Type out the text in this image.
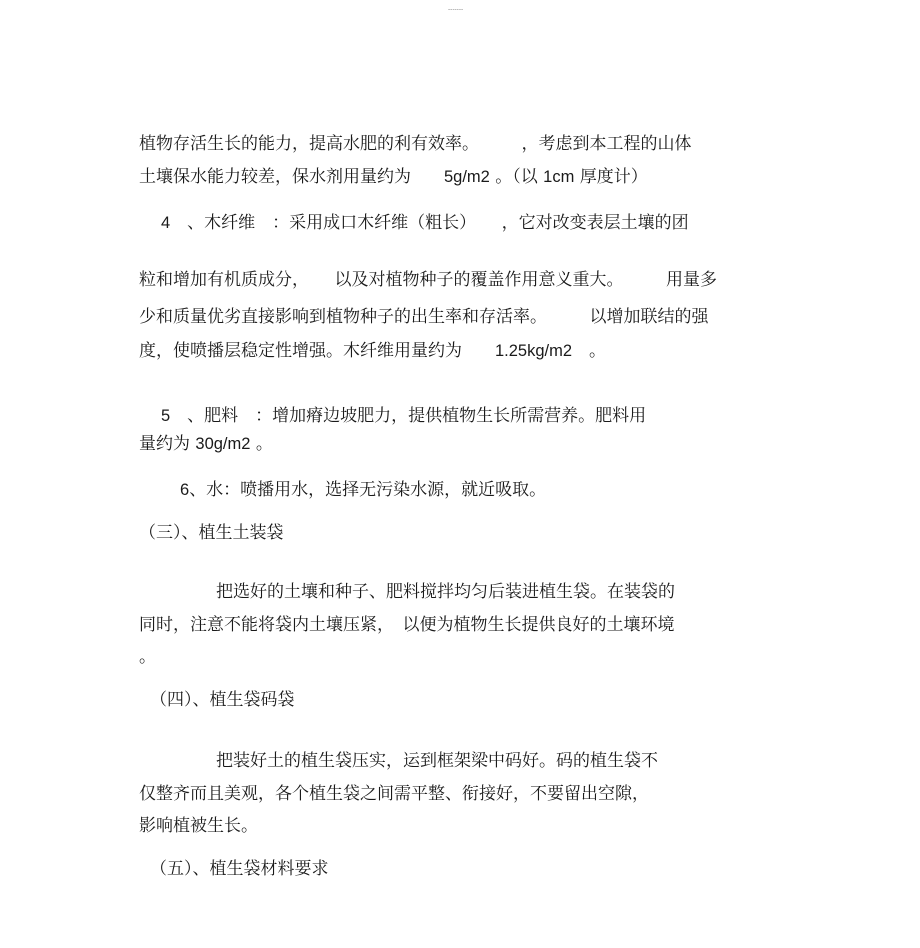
-------
植物存活生长的能力，提高水肥的利有效率。　　　，考虑到本工程的山体
土壤保水能力较差，保水剂用量约为　　5g/m2 。（以 1cm 厚度计）
4　、木纤维　：采用成口木纤维（粗长）　　，它对改变表层土壤的团
粒和增加有机质成分，　　以及对植物种子的覆盖作用意义重大。　　　用量多
少和质量优劣直接影响到植物种子的出生率和存活率。　　　以增加联结的强
度，使喷播层稳定性增强。木纤维用量约为　　1.25kg/m2　。
5　、肥料　：增加瘠边坡肥力，提供植物生长所需营养。肥料用
量约为 30g/m2 。
6、水：喷播用水，选择无污染水源，就近吸取。
（三）、植生土装袋
把选好的土壤和种子、肥料搅拌均匀后装进植生袋。在装袋的
同时，注意不能将袋内土壤压紧，　以便为植物生长提供良好的土壤环境
。
（四）、植生袋码袋
把装好土的植生袋压实，运到框架梁中码好。码的植生袋不
仅整齐而且美观，各个植生袋之间需平整、衔接好，不要留出空隙，
影响植被生长。
（五）、植生袋材料要求
